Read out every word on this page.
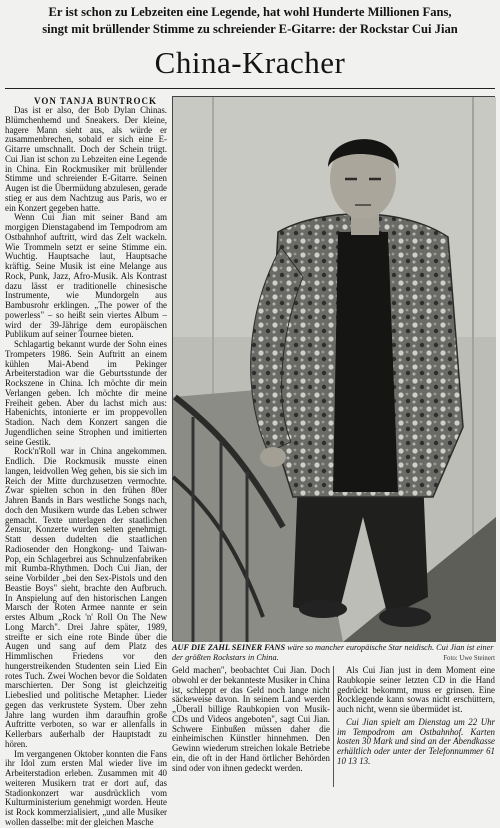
Er ist schon zu Lebzeiten eine Legende, hat wohl Hunderte Millionen Fans,
singt mit brüllender Stimme zu schreiender E-Gitarre: der Rockstar Cui Jian
China-Kracher
VON TANJA BUNTROCK

Das ist er also, der Bob Dylan Chinas. Blümchenhemd und Sneakers. Der kleine, hagere Mann sieht aus, als würde er zusammenbrechen, sobald er sich eine E-Gitarre umschnallt. Doch der Schein trügt. Cui Jian ist schon zu Lebzeiten eine Legende in China. Ein Rockmusiker mit brüllender Stimme und schreiender E-Gitarre. Seinen Augen ist die Übermüdung abzulesen, gerade stieg er aus dem Nachtzug aus Paris, wo er ein Konzert gegeben hatte.

Wenn Cui Jian mit seiner Band am morgigen Dienstagabend im Tempodrom am Ostbahnhof auftritt, wird das Zelt wackeln. Wie Trommeln setzt er seine Stimme ein. Wuchtig. Hauptsache laut, Hauptsache kräftig. Seine Musik ist eine Melange aus Rock, Punk, Jazz, Afro-Musik. Als Kontrast dazu lässt er traditionelle chinesische Instrumente, wie Mundorgeln aus Bambusrohr erklingen. „The power of the powerless" – so heißt sein viertes Album – wird der 39-Jährige dem europäischen Publikum auf seiner Tournee bieten.

Schlagartig bekannt wurde der Sohn eines Trompeters 1986. Sein Auftritt an einem kühlen Mai-Abend im Pekinger Arbeiterstadion war die Geburtsstunde der Rockszene in China. Ich möchte dir mein Verlangen geben. Ich möchte dir meine Freiheit geben. Aber du lachst mich aus: Habenichts, intonierte er im proppevollen Stadion. Nach dem Konzert sangen die Jugendlichen seine Strophen und imitierten seine Gestik.

Rock'n'Roll war in China angekommen. Endlich. Die Rockmusik musste einen langen, leidvollen Weg gehen, bis sie sich im Reich der Mitte durchzusetzen vermochte. Zwar spielten schon in den frühen 80er Jahren Bands in Bars westliche Songs nach, doch den Musikern wurde das Leben schwer gemacht. Texte unterlagen der staatlichen Zensur, Konzerte wurden selten genehmigt. Statt dessen dudelten die staatlichen Radiosender den Hongkong- und Taiwan-Pop, ein Schlagerbrei aus Schnulzenfabriken mit Rumba-Rhythmen. Doch Cui Jian, der seine Vorbilder „bei den Sex-Pistols und den Beastie Boys" sieht, brachte den Aufbruch. In Anspielung auf den historischen Langen Marsch der Roten Armee nannte er sein erstes Album „Rock 'n' Roll On The New Long March". Drei Jahre später, 1989, streifte er sich eine rote Binde über die Augen und sang auf dem Platz des Himmlischen Friedens vor den hungerstreikenden Studenten sein Lied Ein rotes Tuch. Zwei Wochen bevor die Soldaten marschierten. Der Song ist gleichzeitig Liebeslied und politische Metapher. Lieder gegen das verkrustete System. Über zehn Jahre lang wurden ihm daraufhin große Auftritte verboten, so war er allenfalls in Kellerbars außerhalb der Hauptstadt zu hören.

Im vergangenen Oktober konnten die Fans ihr Idol zum ersten Mal wieder live im Arbeiterstadion erleben. Zusammen mit 40 weiteren Musikern trat er dort auf, das Stadionkonzert war ausdrücklich vom Kulturministerium genehmigt worden. Heute ist Rock kommerzialisiert, „und alle Musiker wollen dasselbe: mit der gleichen Masche

AUF DIE ZAHL SEINER FANS wäre so mancher europäische Star neidisch. Cui Jian ist einer der größten Rockstars in China.	Foto: Uwe Steinert

Geld machen", beobachtet Cui Jian. Doch obwohl er der bekannteste Musiker in China ist, schleppt er das Geld noch lange nicht säckeweise davon. In seinem Land werden „Überall billige Raubkopien von Musik-CDs und Videos angeboten", sagt Cui Jian. Schwere Einbußen müssen daher die einheimischen Künstler hinnehmen. Den Gewinn wiederum streichen lokale Betriebe ein, die oft in der Hand örtlicher Behörden sind oder von ihnen gedeckt werden.

Als Cui Jian just in dem Moment eine Raubkopie seiner letzten CD in die Hand gedrückt bekommt, muss er grinsen. Eine Rocklegende kann sowas nicht erschüttern, auch nicht, wenn sie übermüdet ist.

Cui Jian spielt am Dienstag um 22 Uhr im Tempodrom am Ostbahnhof. Karten kosten 30 Mark und sind an der Abendkasse erhältlich oder unter der Telefonnummer 61 10 13 13.
